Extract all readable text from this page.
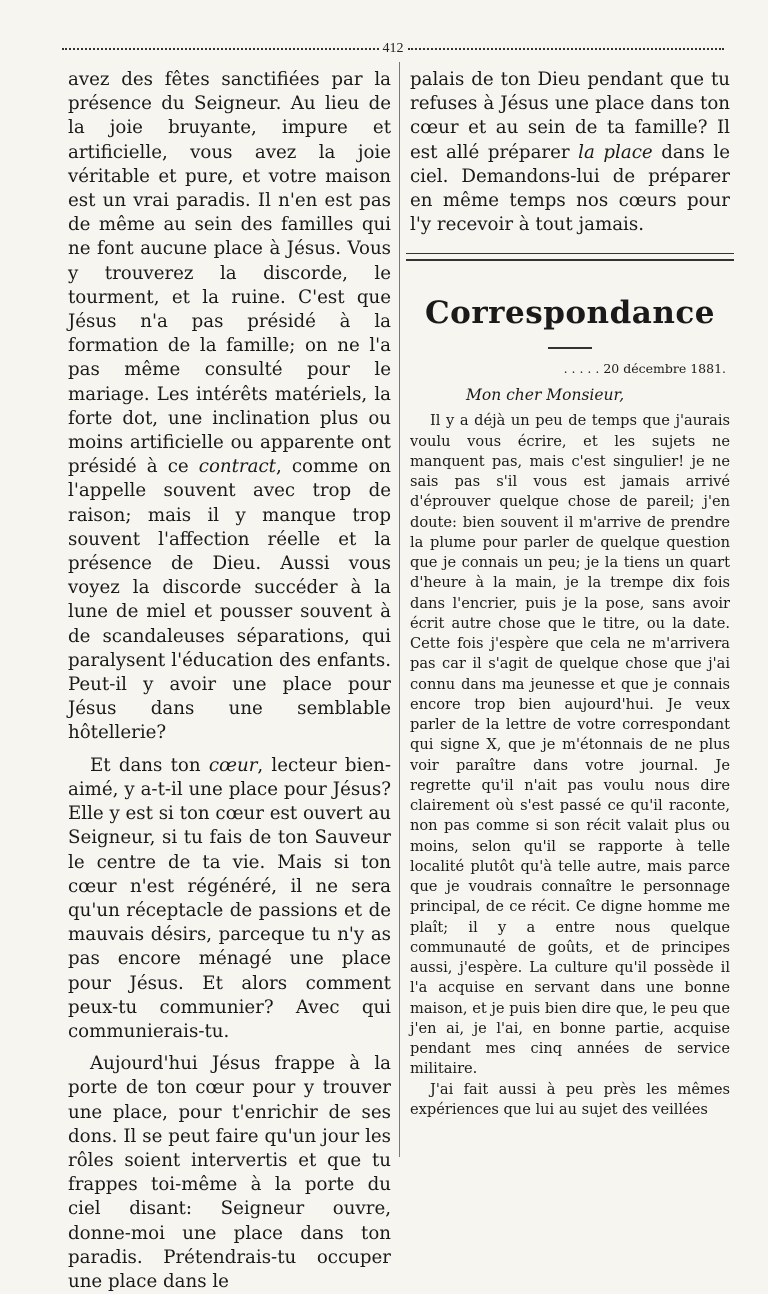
412

avez des fêtes sanctifiées par la présence du Seigneur. Au lieu de la joie bruyante, impure et artificielle, vous avez la joie véritable et pure, et votre maison est un vrai paradis. Il n'en est pas de même au sein des familles qui ne font aucune place à Jésus. Vous y trouverez la discorde, le tourment, et la ruine. C'est que Jésus n'a pas présidé à la formation de la famille; on ne l'a pas même consulté pour le mariage. Les intérêts matériels, la forte dot, une inclination plus ou moins artificielle ou apparente ont présidé à ce contract, comme on l'appelle souvent avec trop de raison; mais il y manque trop souvent l'affection réelle et la présence de Dieu. Aussi vous voyez la discorde succéder à la lune de miel et pousser souvent à de scandaleuses séparations, qui paralysent l'éducation des enfants. Peut-il y avoir une place pour Jésus dans une semblable hôtellerie?

Et dans ton cœur, lecteur bien-aimé, y a-t-il une place pour Jésus? Elle y est si ton cœur est ouvert au Seigneur, si tu fais de ton Sauveur le centre de ta vie. Mais si ton cœur n'est régénéré, il ne sera qu'un réceptacle de passions et de mauvais désirs, parceque tu n'y as pas encore ménagé une place pour Jésus. Et alors comment peux-tu communier? Avec qui communierais-tu.

Aujourd'hui Jésus frappe à la porte de ton cœur pour y trouver une place, pour t'enrichir de ses dons. Il se peut faire qu'un jour les rôles soient intervertis et que tu frappes toi-même à la porte du ciel disant: Seigneur ouvre, donne-moi une place dans ton paradis. Prétendrais-tu occuper une place dans le

palais de ton Dieu pendant que tu refuses à Jésus une place dans ton cœur et au sein de ta famille? Il est allé préparer la place dans le ciel. Demandons-lui de préparer en même temps nos cœurs pour l'y recevoir à tout jamais.

Correspondance
. . . . . 20 décembre 1881.
Mon cher Monsieur,

Il y a déjà un peu de temps que j'aurais voulu vous écrire, et les sujets ne manquent pas, mais c'est singulier! je ne sais pas s'il vous est jamais arrivé d'éprouver quelque chose de pareil; j'en doute: bien souvent il m'arrive de prendre la plume pour parler de quelque question que je connais un peu; je la tiens un quart d'heure à la main, je la trempe dix fois dans l'encrier, puis je la pose, sans avoir écrit autre chose que le titre, ou la date. Cette fois j'espère que cela ne m'arrivera pas car il s'agit de quelque chose que j'ai connu dans ma jeunesse et que je connais encore trop bien aujourd'hui. Je veux parler de la lettre de votre correspondant qui signe X, que je m'étonnais de ne plus voir paraître dans votre journal. Je regrette qu'il n'ait pas voulu nous dire clairement où s'est passé ce qu'il raconte, non pas comme si son récit valait plus ou moins, selon qu'il se rapporte à telle localité plutôt qu'à telle autre, mais parce que je voudrais connaître le personnage principal, de ce récit. Ce digne homme me plaît; il y a entre nous quelque communauté de goûts, et de principes aussi, j'espère. La culture qu'il possède il l'a acquise en servant dans une bonne maison, et je puis bien dire que, le peu que j'en ai, je l'ai, en bonne partie, acquise pendant mes cinq années de service militaire.

J'ai fait aussi à peu près les mêmes expériences que lui au sujet des veillées
